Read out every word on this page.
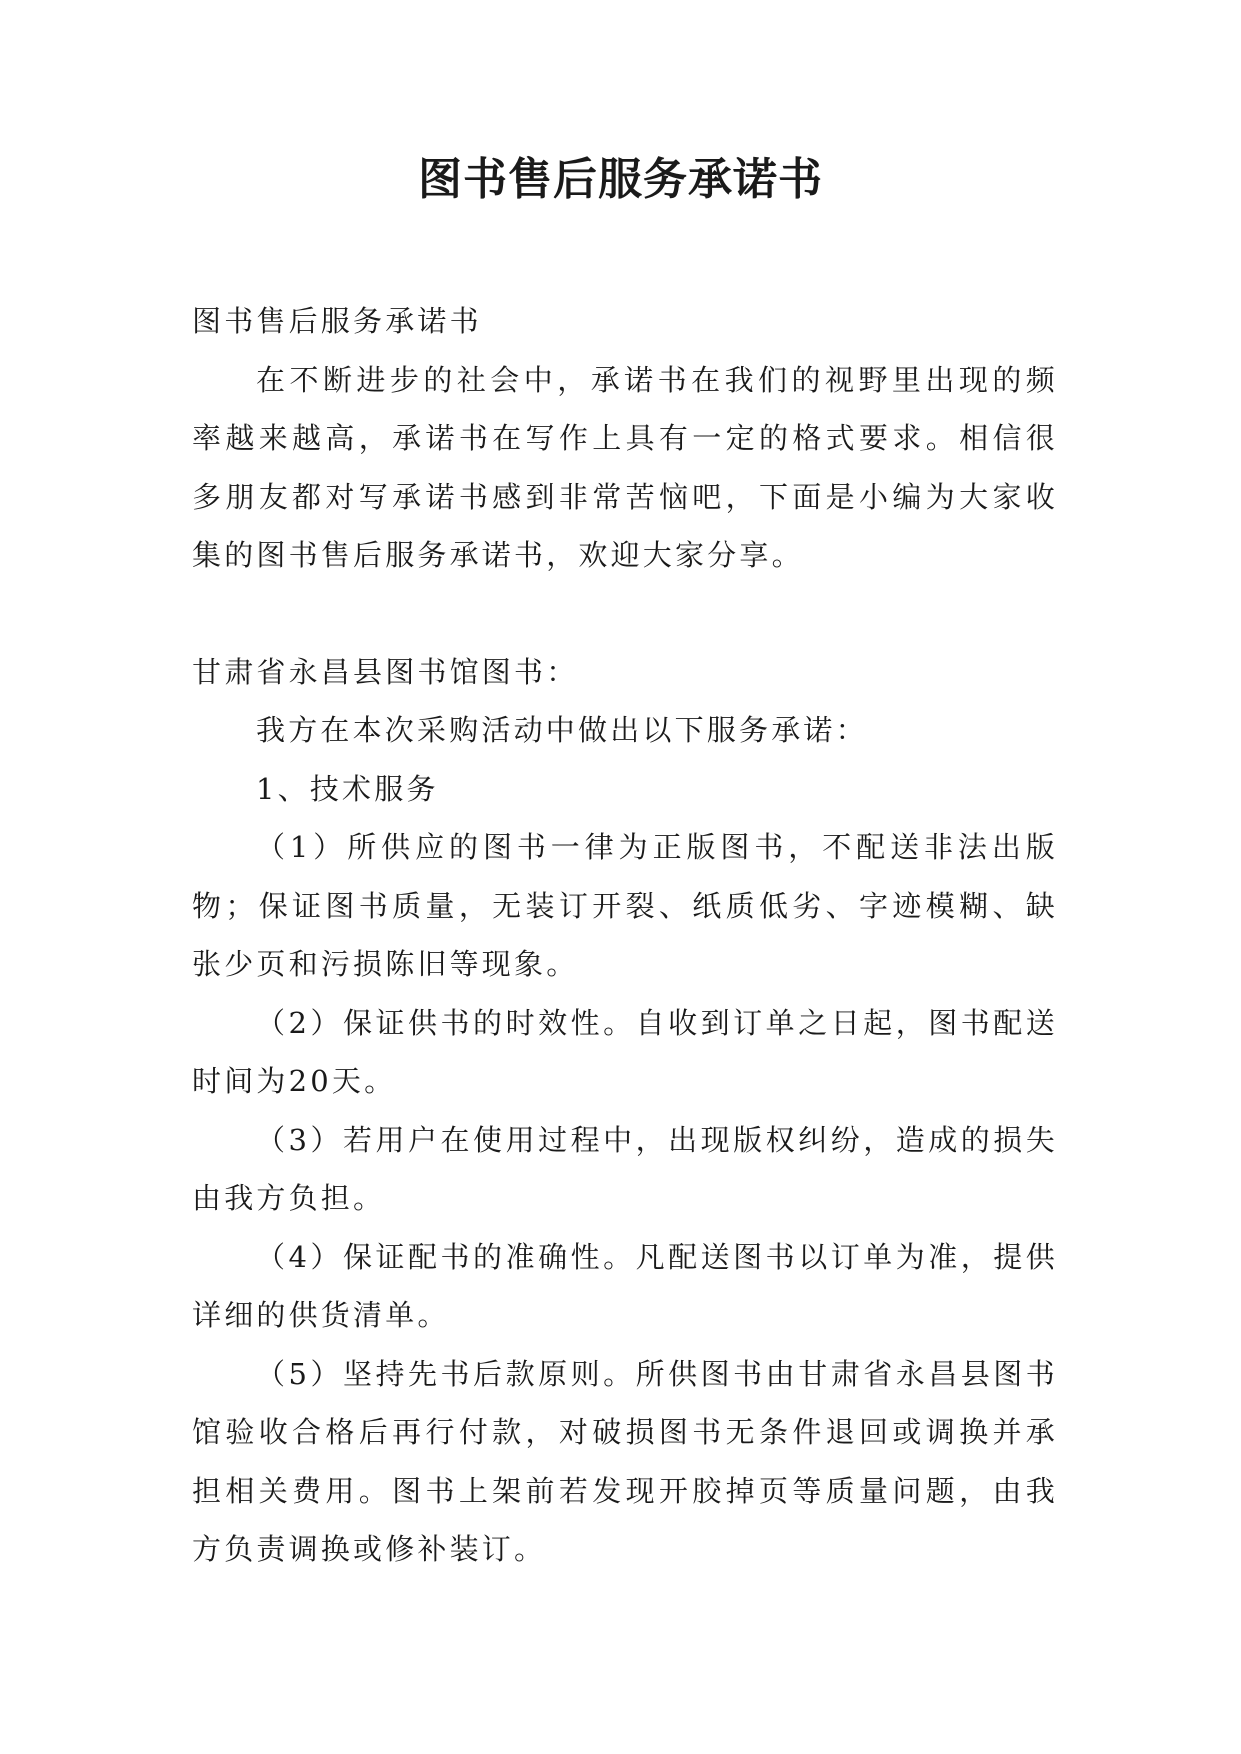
图书售后服务承诺书

图书售后服务承诺书

在不断进步的社会中，承诺书在我们的视野里出现的频率越来越高，承诺书在写作上具有一定的格式要求。相信很多朋友都对写承诺书感到非常苦恼吧，下面是小编为大家收集的图书售后服务承诺书，欢迎大家分享。

甘肃省永昌县图书馆图书：

我方在本次采购活动中做出以下服务承诺：

1、技术服务

（1）所供应的图书一律为正版图书，不配送非法出版物；保证图书质量，无装订开裂、纸质低劣、字迹模糊、缺张少页和污损陈旧等现象。

（2）保证供书的时效性。自收到订单之日起，图书配送时间为20天。

（3）若用户在使用过程中，出现版权纠纷，造成的损失由我方负担。

（4）保证配书的准确性。凡配送图书以订单为准，提供详细的供货清单。

（5）坚持先书后款原则。所供图书由甘肃省永昌县图书馆验收合格后再行付款，对破损图书无条件退回或调换并承担相关费用。图书上架前若发现开胶掉页等质量问题，由我方负责调换或修补装订。
